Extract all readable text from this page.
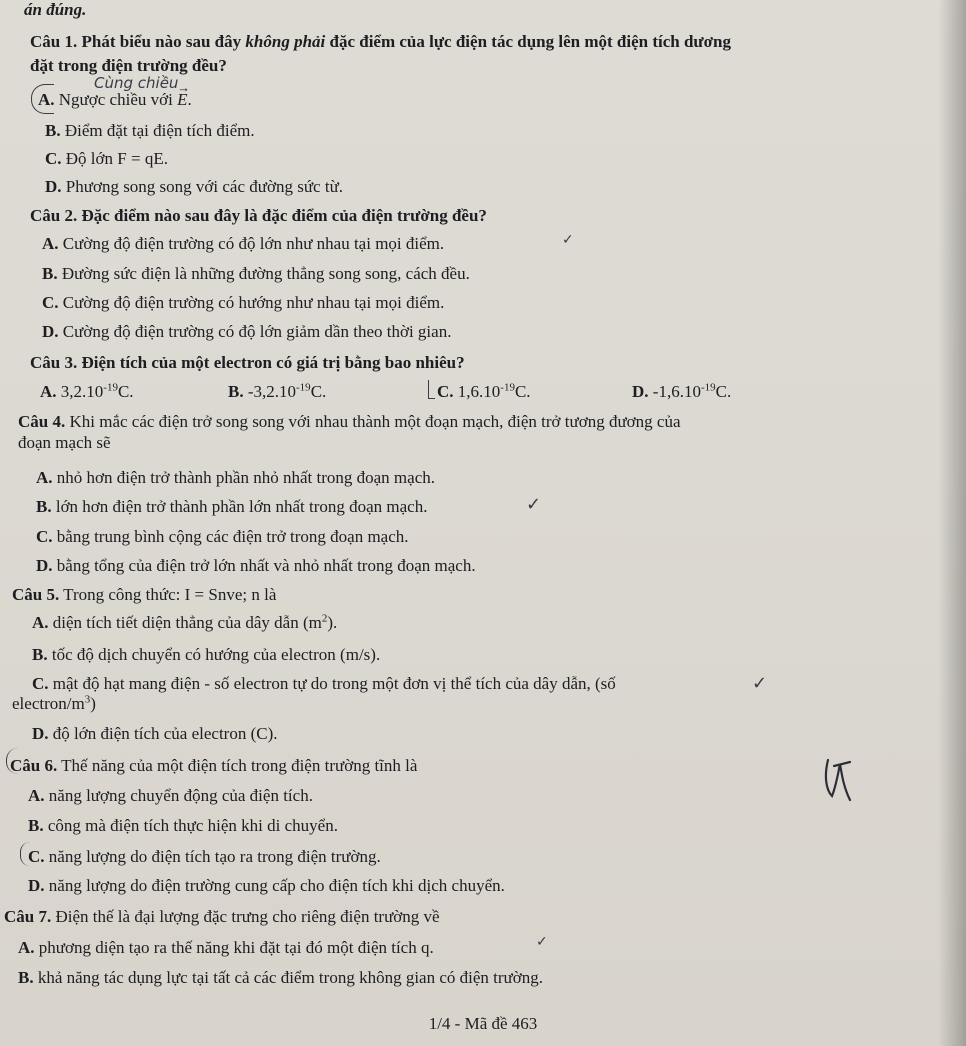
án đúng.
Câu 1. Phát biểu nào sau đây không phải đặc điểm của lực điện tác dụng lên một điện tích dương
đặt trong điện trường đều?
Cùng chiều
A. Ngược chiều với → E.
B. Điểm đặt tại điện tích điểm.
C. Độ lớn F = qE.
D. Phương song song với các đường sức từ.
Câu 2. Đặc điểm nào sau đây là đặc điểm của điện trường đều?
A. Cường độ điện trường có độ lớn như nhau tại mọi điểm.	✓
B. Đường sức điện là những đường thẳng song song, cách đều.
C. Cường độ điện trường có hướng như nhau tại mọi điểm.
D. Cường độ điện trường có độ lớn giảm dần theo thời gian.
Câu 3. Điện tích của một electron có giá trị bằng bao nhiêu?
A. $3,2.10^{-19}C$.	B. $-3,2.10^{-19}C$.	C. $1,6.10^{-19}C$.	D. $-1,6.10^{-19}C$.
Câu 4. Khi mắc các điện trở song song với nhau thành một đoạn mạch, điện trở tương đương của
đoạn mạch sẽ
A. nhỏ hơn điện trở thành phần nhỏ nhất trong đoạn mạch.
B. lớn hơn điện trở thành phần lớn nhất trong đoạn mạch.	✓
C. bằng trung bình cộng các điện trở trong đoạn mạch.
D. bằng tổng của điện trở lớn nhất và nhỏ nhất trong đoạn mạch.
Câu 5. Trong công thức: I = Snve; n là
A. diện tích tiết diện thẳng của dây dẫn $(m^2)$.
B. tốc độ dịch chuyển có hướng của electron (m/s).
C. mật độ hạt mang điện - số electron tự do trong một đơn vị thể tích của dây dẫn, (số	✓
electron/$m^3$)
D. độ lớn điện tích của electron (C).
Câu 6. Thế năng của một điện tích trong điện trường tĩnh là
A. năng lượng chuyển động của điện tích.
B. công mà điện tích thực hiện khi di chuyển.
C. năng lượng do điện tích tạo ra trong điện trường.
D. năng lượng do điện trường cung cấp cho điện tích khi dịch chuyển.
Câu 7. Điện thế là đại lượng đặc trưng cho riêng điện trường về
A. phương diện tạo ra thế năng khi đặt tại đó một điện tích q.	✓
B. khả năng tác dụng lực tại tất cả các điểm trong không gian có điện trường.
1/4 - Mã đề 463
